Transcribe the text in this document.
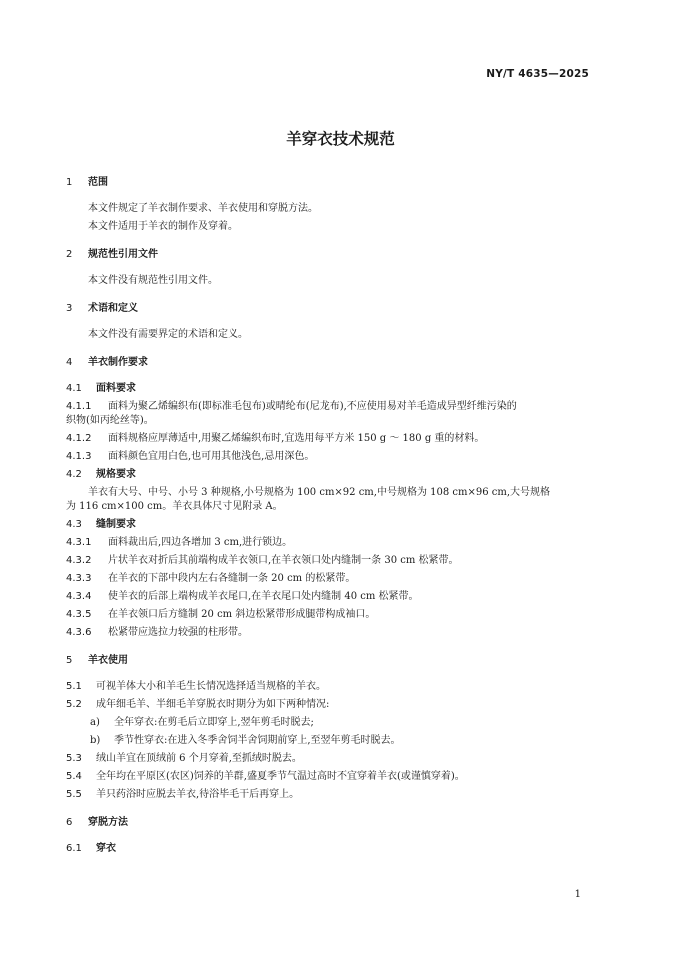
NY/T 4635—2025
羊穿衣技术规范
1	范围

本文件规定了羊衣制作要求、羊衣使用和穿脱方法。

本文件适用于羊衣的制作及穿着。

2	规范性引用文件

本文件没有规范性引用文件。

3	术语和定义

本文件没有需要界定的术语和定义。

4	羊衣制作要求
4.1	面料要求
4.1.1	面料为聚乙烯编织布(即标准毛包布)或晴纶布(尼龙布),不应使用易对羊毛造成异型纤维污染的
织物(如丙纶丝等)。
4.1.2	面料规格应厚薄适中,用聚乙烯编织布时,宜选用每平方米 150 g ～ 180 g 重的材料。
4.1.3	面料颜色宜用白色,也可用其他浅色,忌用深色。
4.2	规格要求

羊衣有大号、中号、小号 3 种规格,小号规格为 100 cm×92 cm,中号规格为 108 cm×96 cm,大号规格

为 116 cm×100 cm。羊衣具体尺寸见附录 A。
4.3	缝制要求
4.3.1	面料裁出后,四边各增加 3 cm,进行锁边。
4.3.2	片状羊衣对折后其前端构成羊衣领口,在羊衣领口处内缝制一条 30 cm 松紧带。
4.3.3	在羊衣的下部中段内左右各缝制一条 20 cm 的松紧带。
4.3.4	使羊衣的后部上端构成羊衣尾口,在羊衣尾口处内缝制 40 cm 松紧带。
4.3.5	在羊衣领口后方缝制 20 cm 斜边松紧带形成腿带构成袖口。
4.3.6	松紧带应选拉力较强的柱形带。
5	羊衣使用
5.1	可视羊体大小和羊毛生长情况选择适当规格的羊衣。
5.2	成年细毛羊、半细毛羊穿脱衣时期分为如下两种情况:
a)	全年穿衣:在剪毛后立即穿上,翌年剪毛时脱去;
b)	季节性穿衣:在进入冬季舍饲半舍饲期前穿上,至翌年剪毛时脱去。
5.3	绒山羊宜在顶绒前 6 个月穿着,至抓绒时脱去。
5.4	全年均在平原区(农区)饲养的羊群,盛夏季节气温过高时不宜穿着羊衣(或谨慎穿着)。
5.5	羊只药浴时应脱去羊衣,待浴毕毛干后再穿上。
6	穿脱方法
6.1	穿衣
1
